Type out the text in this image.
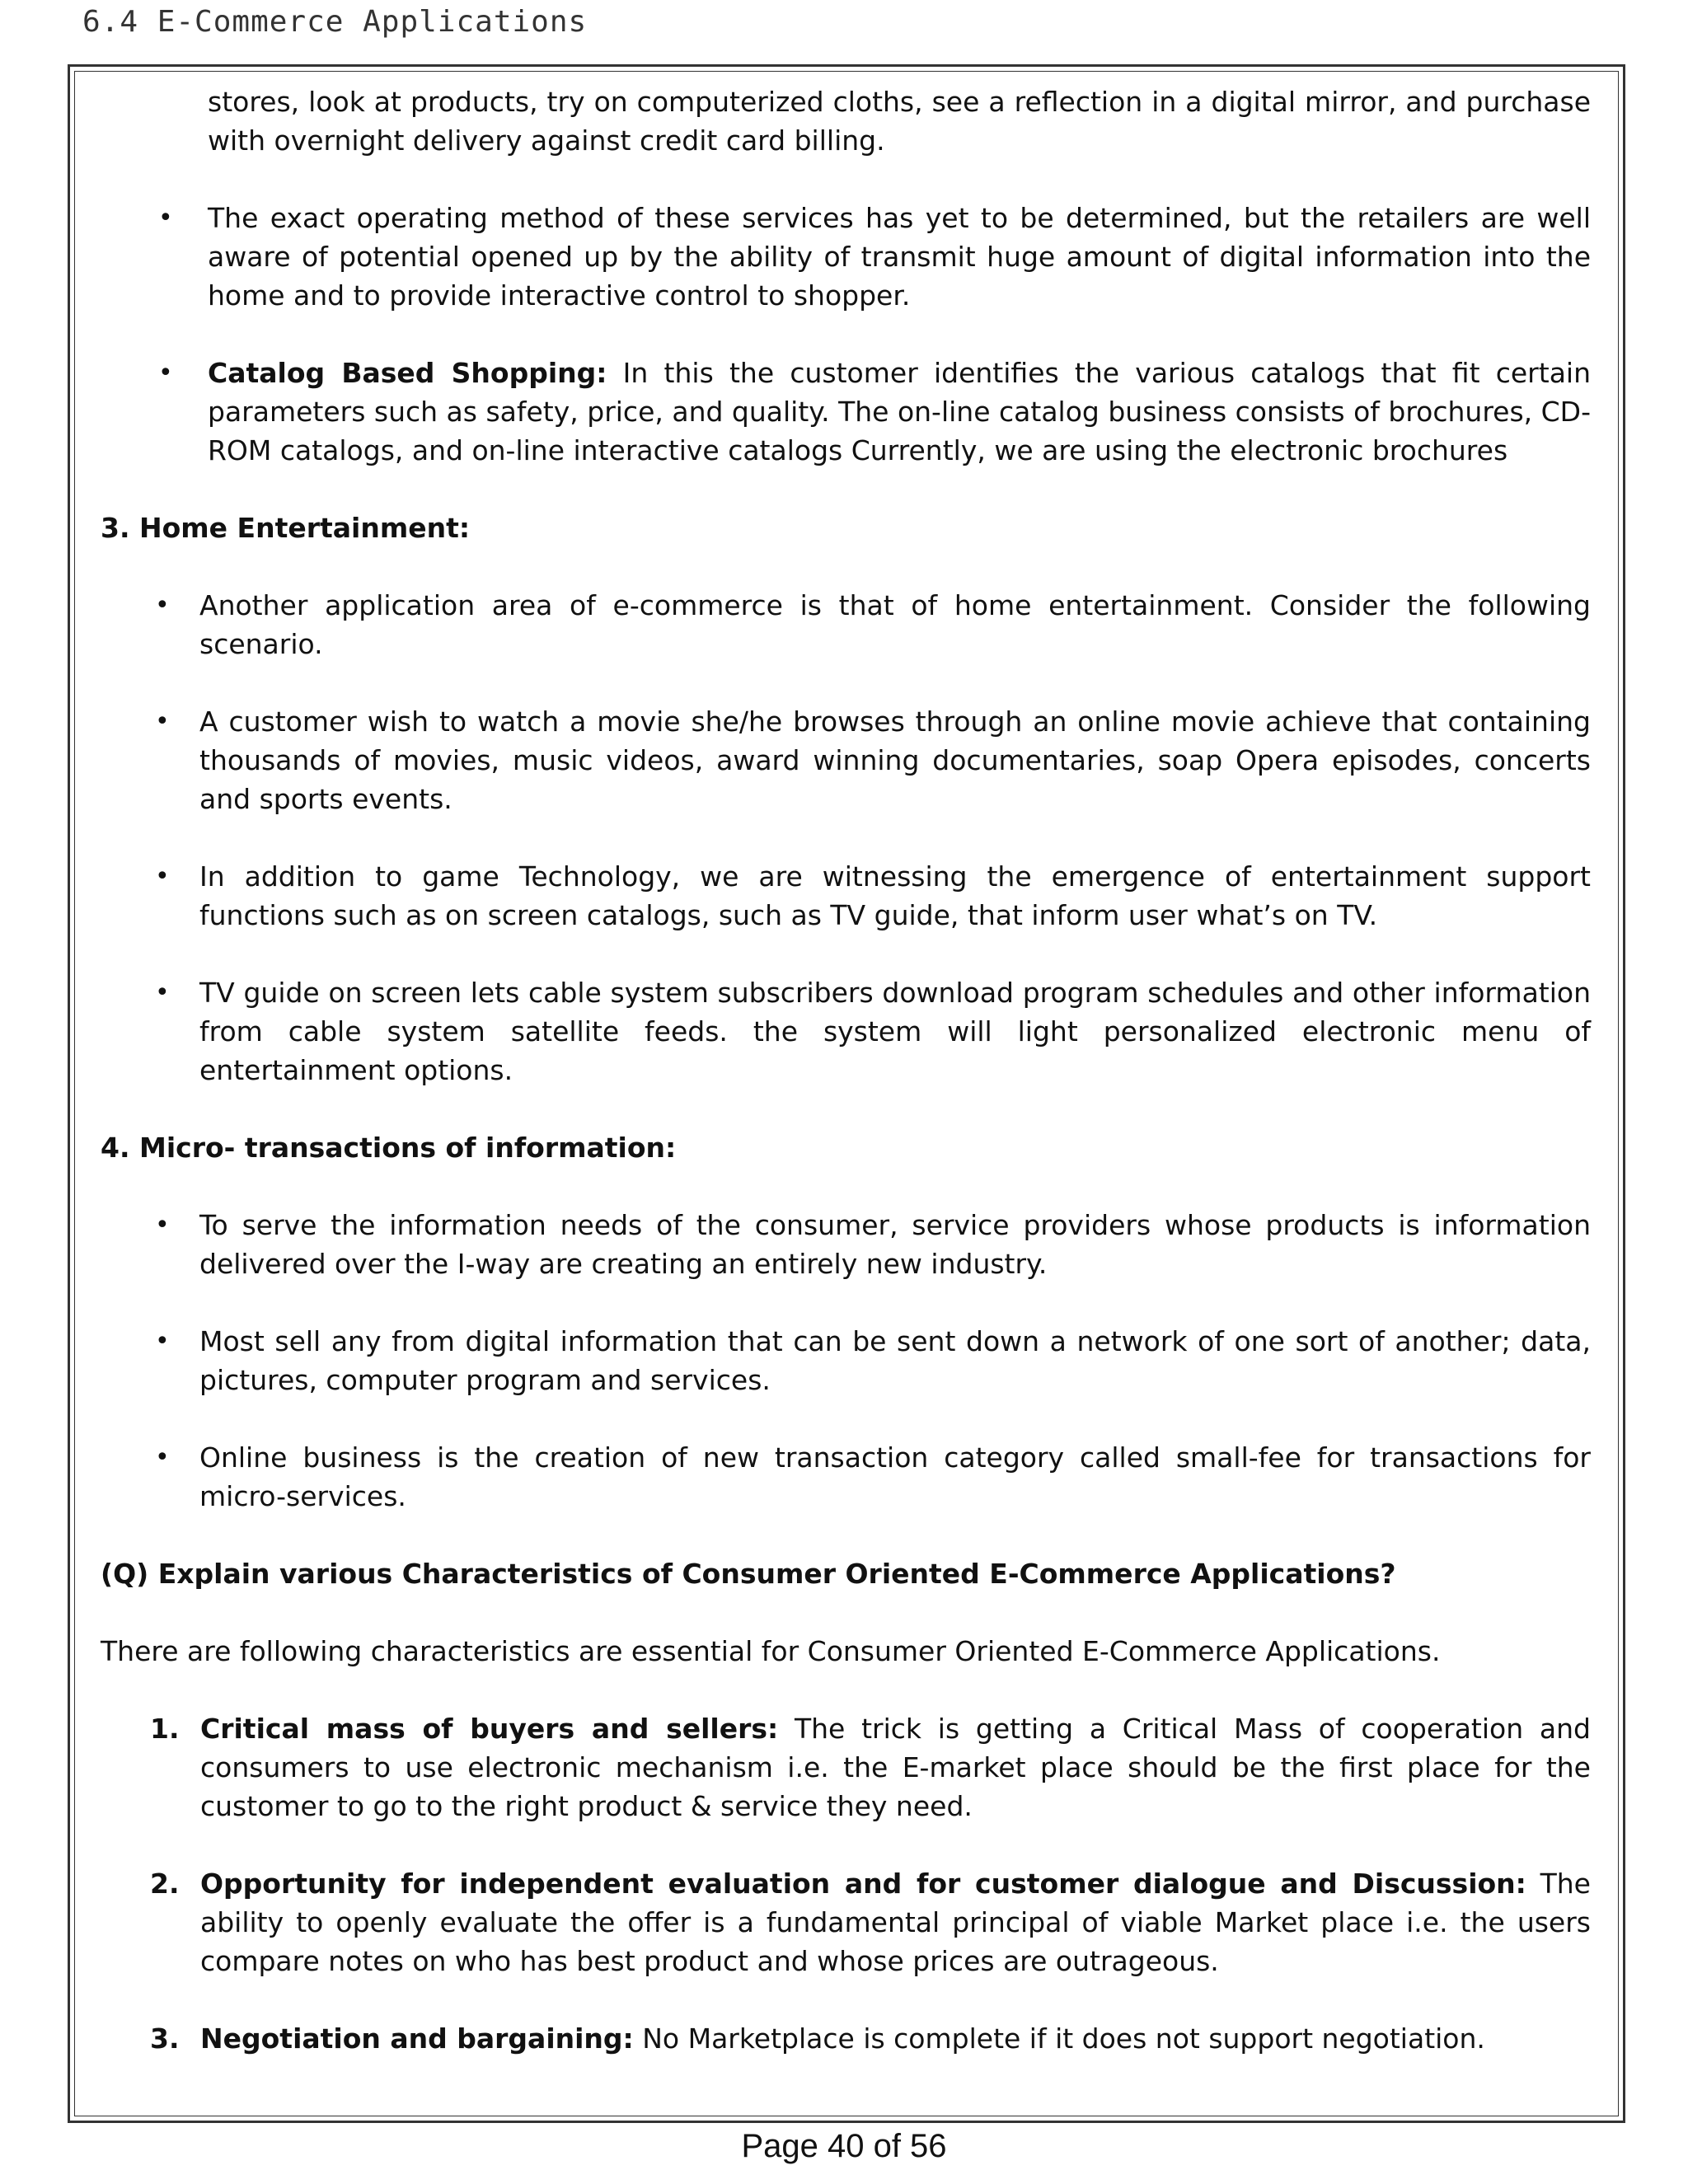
6.4 E-Commerce Applications

stores, look at products, try on computerized cloths, see a reflection in a digital mirror, and purchase with overnight delivery against credit card billing.

• The exact operating method of these services has yet to be determined, but the retailers are well aware of potential opened up by the ability of transmit huge amount of digital information into the home and to provide interactive control to shopper.
• Catalog Based Shopping: In this the customer identifies the various catalogs that fit certain parameters such as safety, price, and quality. The on-line catalog business consists of brochures, CD-ROM catalogs, and on-line interactive catalogs Currently, we are using the electronic brochures

3. Home Entertainment:

• Another application area of e-commerce is that of home entertainment. Consider the following scenario.
• A customer wish to watch a movie she/he browses through an online movie achieve that containing thousands of movies, music videos, award winning documentaries, soap Opera episodes, concerts and sports events.
• In addition to game Technology, we are witnessing the emergence of entertainment support functions such as on screen catalogs, such as TV guide, that inform user what’s on TV.
• TV guide on screen lets cable system subscribers download program schedules and other information from cable system satellite feeds. the system will light personalized electronic menu of entertainment options.

4. Micro- transactions of information:

• To serve the information needs of the consumer, service providers whose products is information delivered over the I-way are creating an entirely new industry.
• Most sell any from digital information that can be sent down a network of one sort of another; data, pictures, computer program and services.
• Online business is the creation of new transaction category called small-fee for transactions for micro-services.

(Q) Explain various Characteristics of Consumer Oriented E-Commerce Applications?

There are following characteristics are essential for Consumer Oriented E-Commerce Applications.

1. Critical mass of buyers and sellers: The trick is getting a Critical Mass of cooperation and consumers to use electronic mechanism i.e. the E-market place should be the first place for the customer to go to the right product & service they need.
2. Opportunity for independent evaluation and for customer dialogue and Discussion: The ability to openly evaluate the offer is a fundamental principal of viable Market place i.e. the users compare notes on who has best product and whose prices are outrageous.
3. Negotiation and bargaining: No Marketplace is complete if it does not support negotiation.
Page 40 of 56
